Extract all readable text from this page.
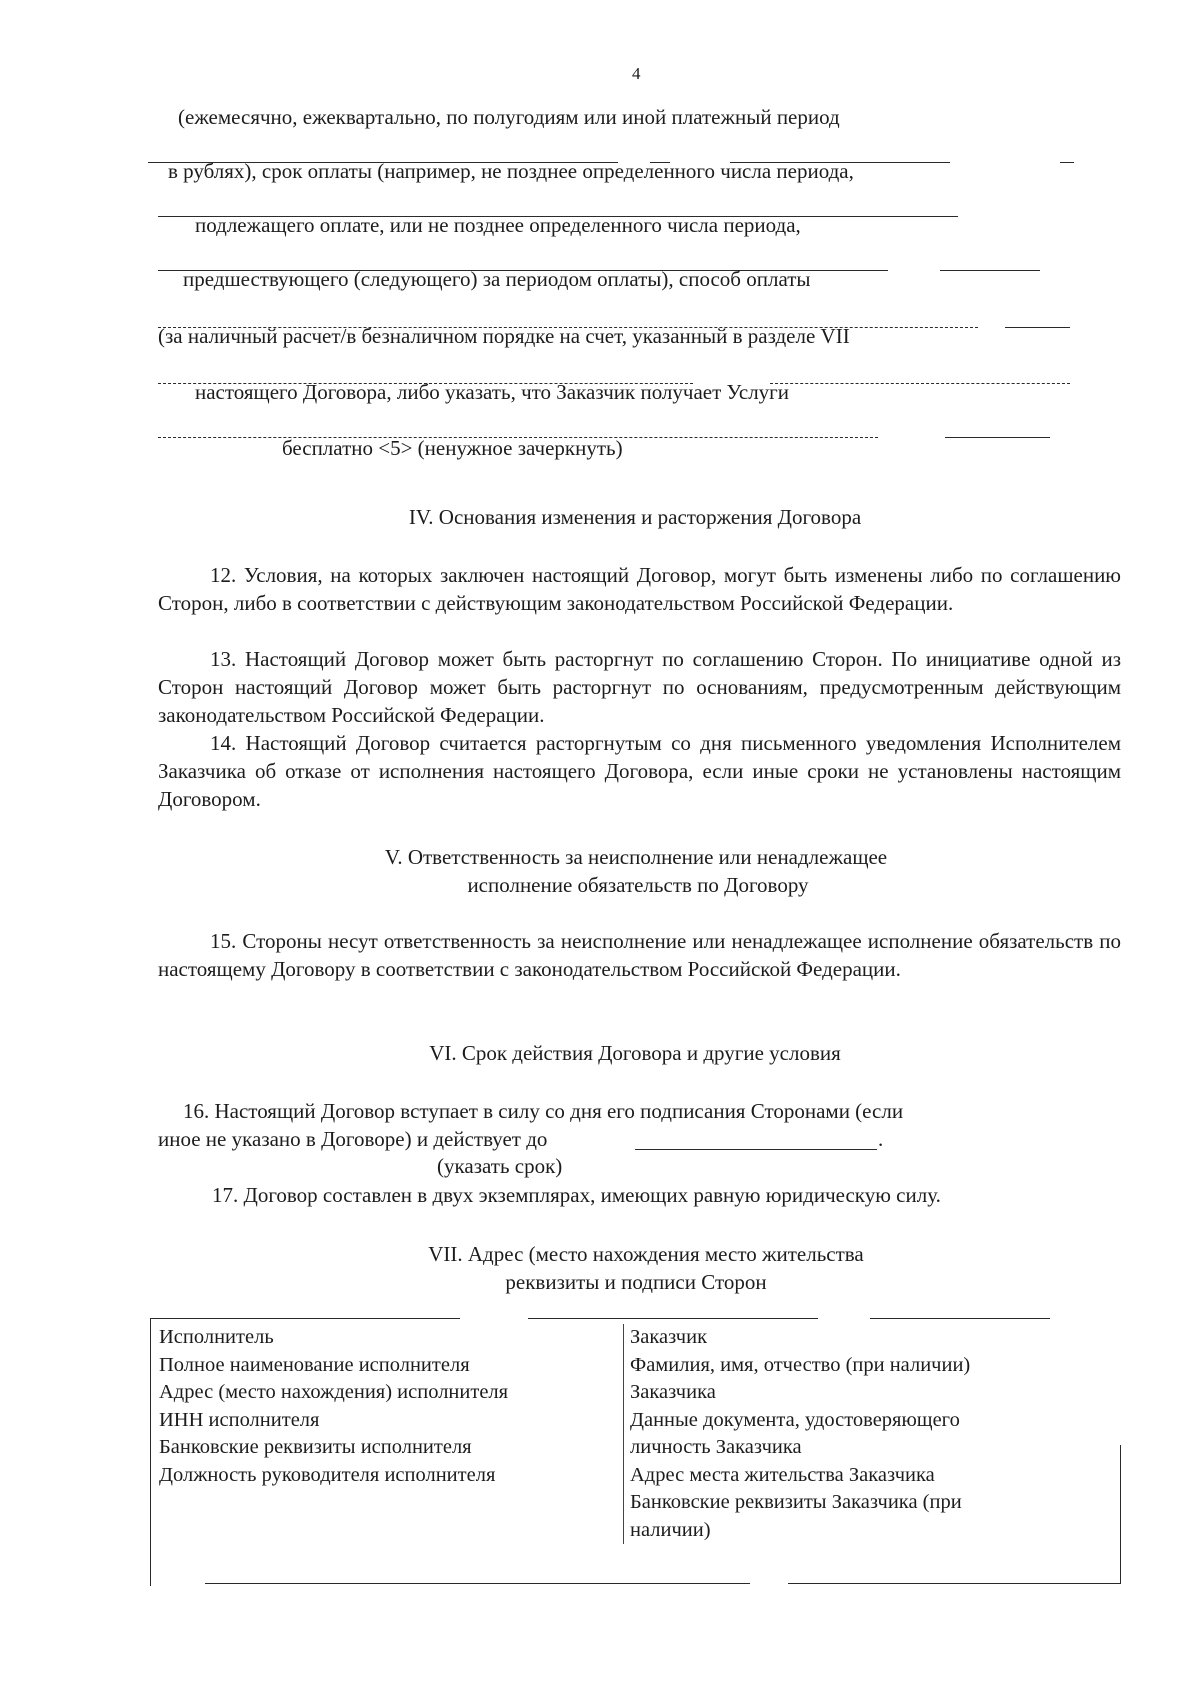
4

(ежемесячно, ежеквартально, по полугодиям или иной платежный период

в рублях), срок оплаты (например, не позднее определенного числа периода,

подлежащего оплате, или не позднее определенного числа периода,

предшествующего (следующего) за периодом оплаты), способ оплаты

(за наличный расчет/в безналичном порядке на счет, указанный в разделе VII

настоящего Договора, либо указать, что Заказчик получает Услуги

бесплатно <5> (ненужное зачеркнуть)

IV. Основания изменения и расторжения Договора

12. Условия, на которых заключен настоящий Договор, могут быть изменены либо по соглашению Сторон, либо в соответствии с действующим законодательством Российской Федерации.

13. Настоящий Договор может быть расторгнут по соглашению Сторон. По инициативе одной из Сторон настоящий Договор может быть расторгнут по основаниям, предусмотренным действующим законодательством Российской Федерации.

14. Настоящий Договор считается расторгнутым со дня письменного уведомления Исполнителем Заказчика об отказе от исполнения настоящего Договора, если иные сроки не установлены настоящим Договором.

V. Ответственность за неисполнение или ненадлежащее

исполнение обязательств по Договору

15. Стороны несут ответственность за неисполнение или ненадлежащее исполнение обязательств по настоящему Договору в соответствии с законодательством Российской Федерации.

VI. Срок действия Договора и другие условия

16. Настоящий Договор вступает в силу со дня его подписания Сторонами (если

иное не указано в Договоре) и действует до	.

(указать срок)

17. Договор составлен в двух экземплярах, имеющих равную юридическую силу.

VII. Адрес (место нахождения место жительства

реквизиты и подписи Сторон

Исполнитель
Полное наименование исполнителя
Адрес (место нахождения) исполнителя
ИНН исполнителя
Банковские реквизиты исполнителя
Должность руководителя исполнителя
Заказчик
Фамилия, имя, отчество (при наличии)
Заказчика
Данные документа, удостоверяющего
личность Заказчика
Адрес места жительства Заказчика
Банковские реквизиты Заказчика (при
наличии)
